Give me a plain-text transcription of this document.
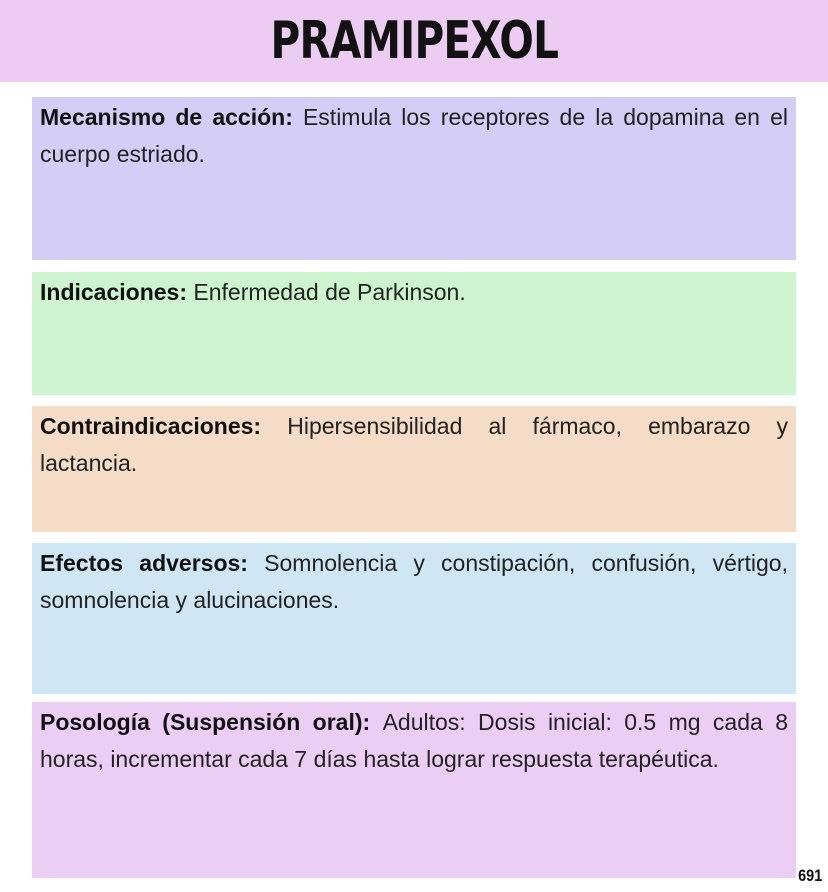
PRAMIPEXOL
Mecanismo de acción: Estimula los receptores de la dopamina en el cuerpo estriado.
Indicaciones: Enfermedad de Parkinson.
Contraindicaciones: Hipersensibilidad al fármaco, embarazo y lactancia.
Efectos adversos: Somnolencia y constipación, confusión, vértigo, somnolencia y alucinaciones.
Posología (Suspensión oral): Adultos: Dosis inicial: 0.5 mg cada 8 horas, incrementar cada 7 días hasta lograr respuesta terapéutica.
691
